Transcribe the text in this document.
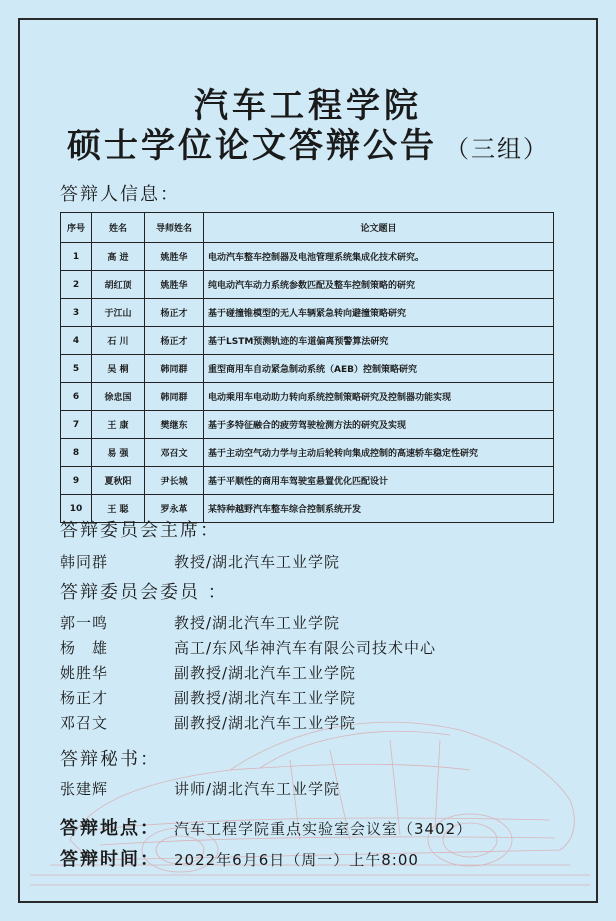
汽车工程学院
硕士学位论文答辩公告 （三组）
答辩人信息：
序号	姓名	导师姓名	论文题目
1	高 进	姚胜华	电动汽车整车控制器及电池管理系统集成化技术研究。
2	胡红顶	姚胜华	纯电动汽车动力系统参数匹配及整车控制策略的研究
3	于江山	杨正才	基于碰撞锥模型的无人车辆紧急转向避撞策略研究
4	石 川	杨正才	基于LSTM预测轨迹的车道偏离预警算法研究
5	吴 桐	韩同群	重型商用车自动紧急制动系统（AEB）控制策略研究
6	徐忠国	韩同群	电动乘用车电动助力转向系统控制策略研究及控制器功能实现
7	王 康	樊继东	基于多特征融合的疲劳驾驶检测方法的研究及实现
8	易 强	邓召文	基于主动空气动力学与主动后轮转向集成控制的高速轿车稳定性研究
9	夏秋阳	尹长城	基于平顺性的商用车驾驶室悬置优化匹配设计
10	王 聪	罗永革	某特种越野汽车整车综合控制系统开发
答辩委员会主席：
韩同群	教授/湖北汽车工业学院
答辩委员会委员 ：
郭一鸣	教授/湖北汽车工业学院
杨　雄	高工/东风华神汽车有限公司技术中心
姚胜华	副教授/湖北汽车工业学院
杨正才	副教授/湖北汽车工业学院
邓召文	副教授/湖北汽车工业学院
答辩秘书：
张建辉	讲师/湖北汽车工业学院
答辩地点： 汽车工程学院重点实验室会议室（3402）
答辩时间： 2022年6月6日（周一）上午8:00
